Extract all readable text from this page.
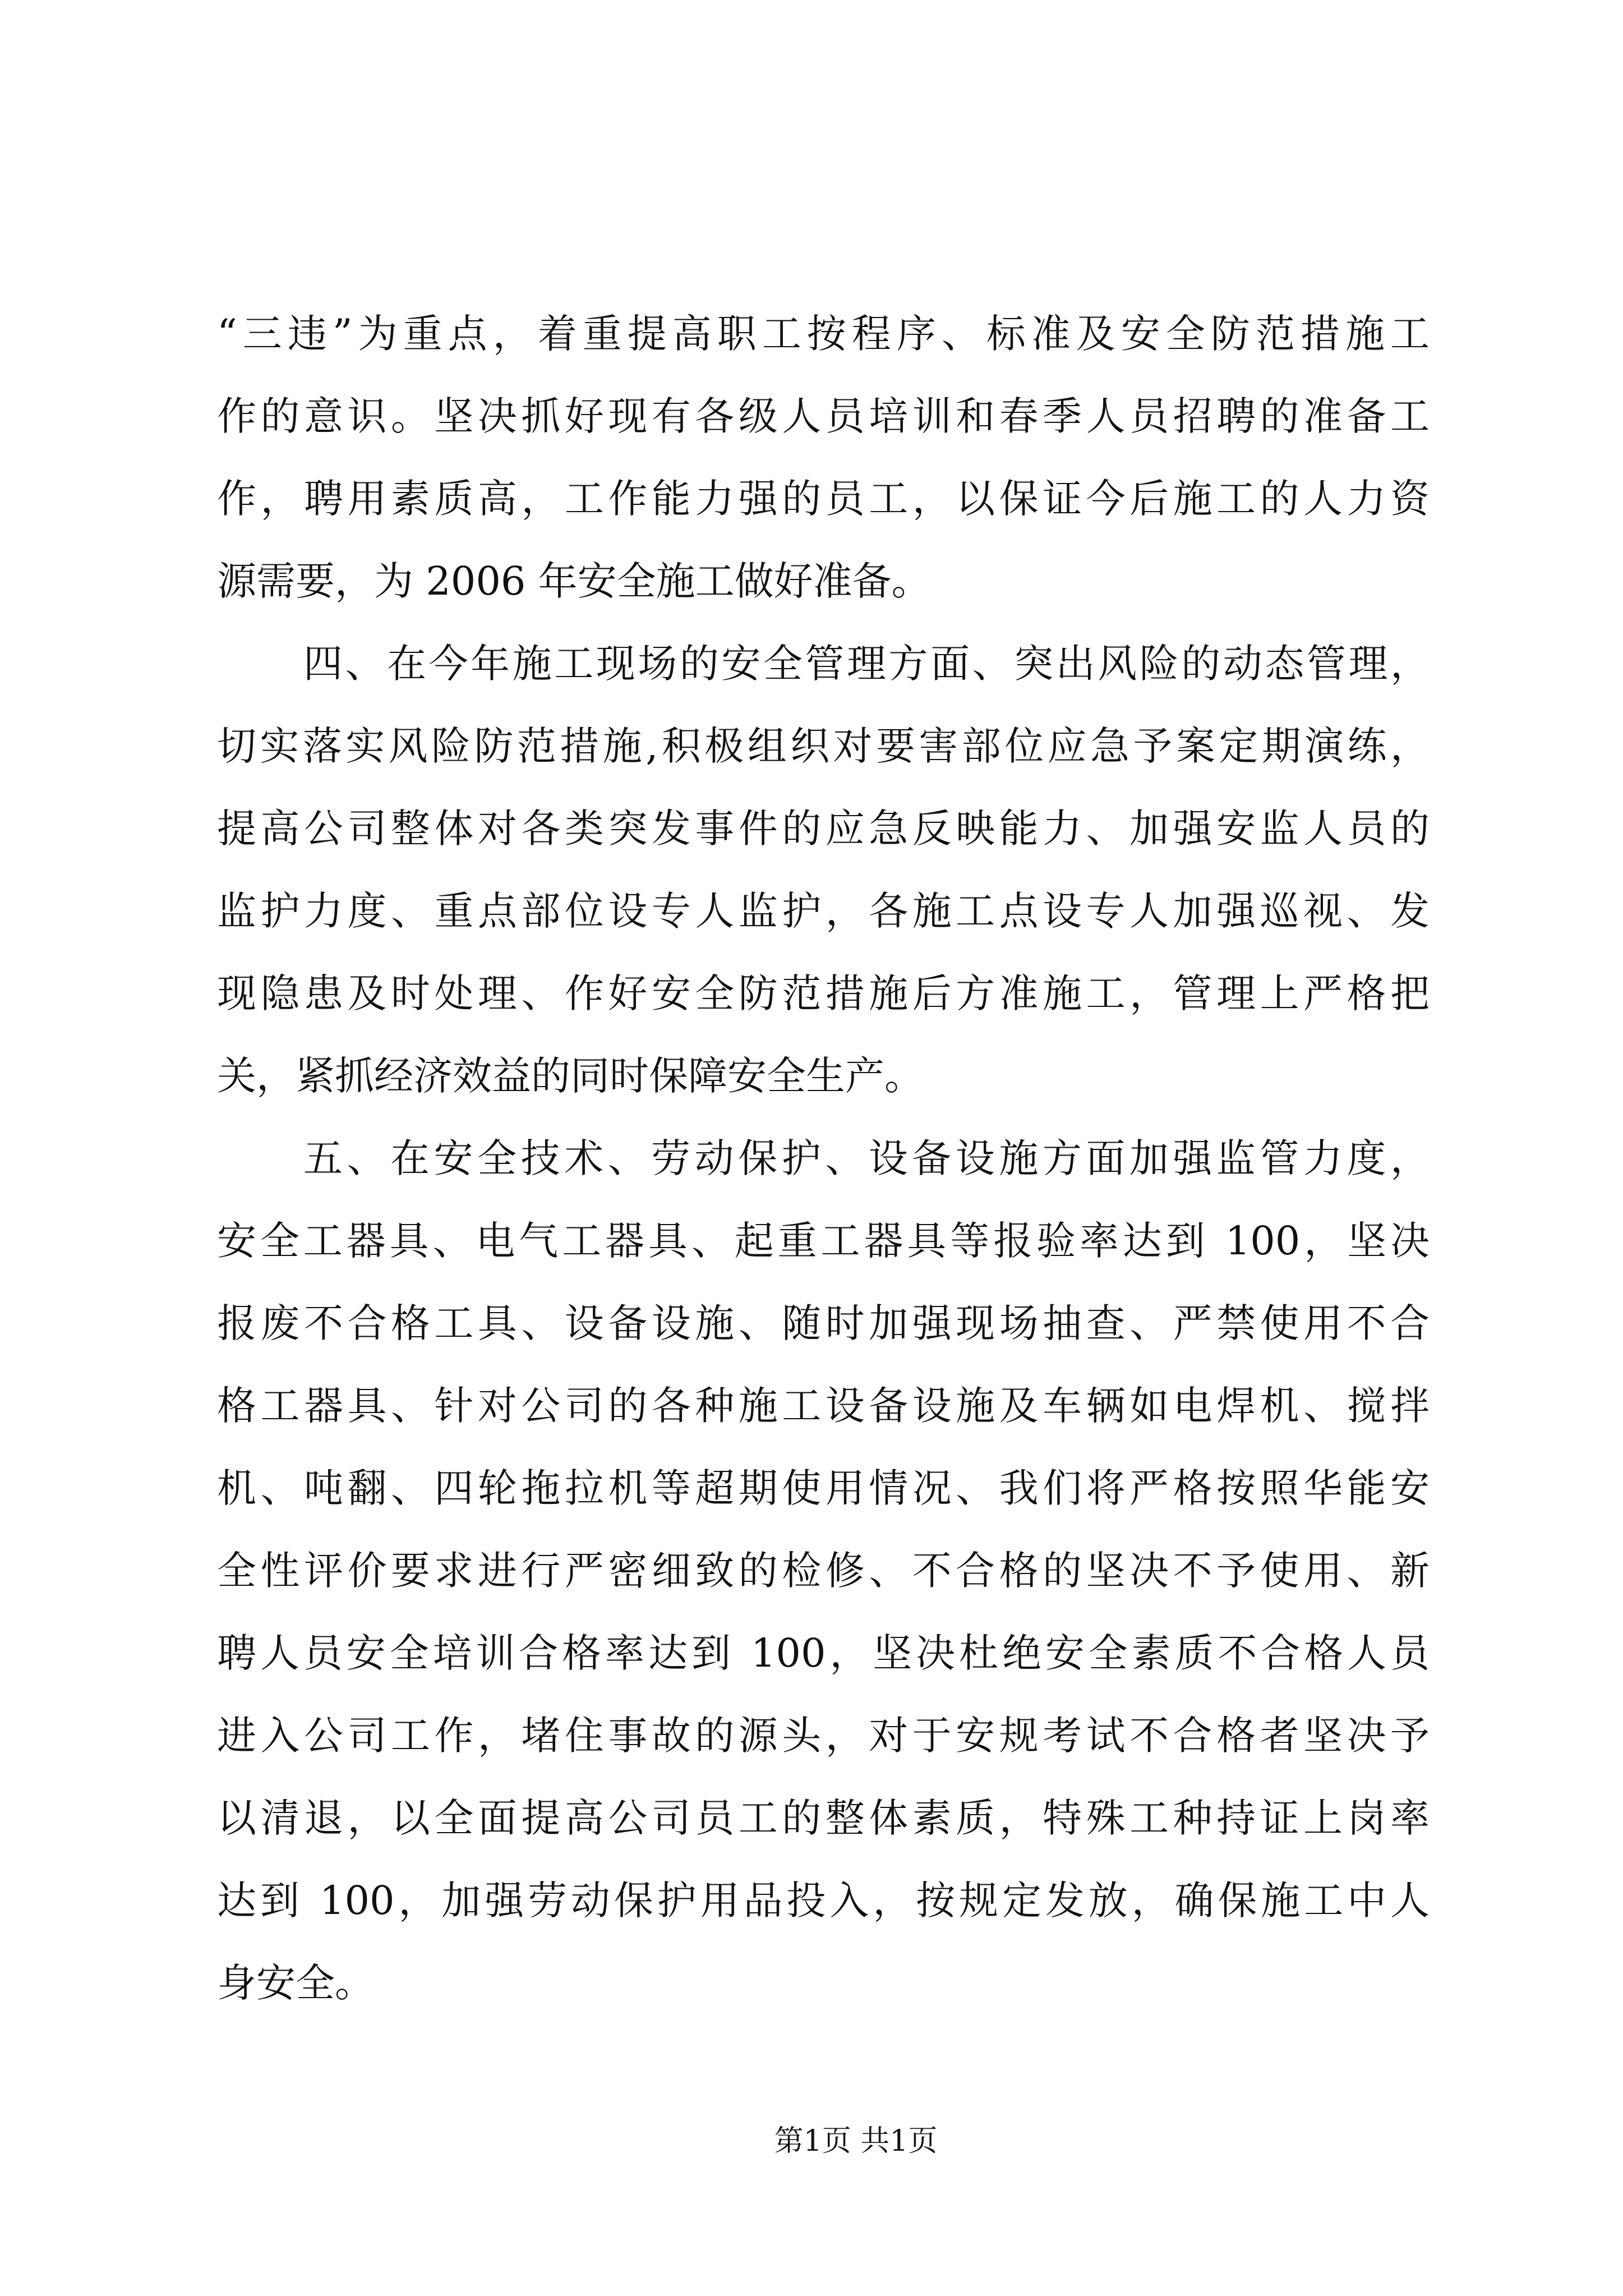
“三违”为重点，着重提高职工按程序、标准及安全防范措施工
作的意识。坚决抓好现有各级人员培训和春季人员招聘的准备工
作，聘用素质高，工作能力强的员工，以保证今后施工的人力资
源需要，为 2006 年安全施工做好准备。
四、在今年施工现场的安全管理方面、突出风险的动态管理，
切实落实风险防范措施,积极组织对要害部位应急予案定期演练，
提高公司整体对各类突发事件的应急反映能力、加强安监人员的
监护力度、重点部位设专人监护，各施工点设专人加强巡视、发
现隐患及时处理、作好安全防范措施后方准施工，管理上严格把
关，紧抓经济效益的同时保障安全生产。
五、在安全技术、劳动保护、设备设施方面加强监管力度，
安全工器具、电气工器具、起重工器具等报验率达到 100，坚决
报废不合格工具、设备设施、随时加强现场抽查、严禁使用不合
格工器具、针对公司的各种施工设备设施及车辆如电焊机、搅拌
机、吨翻、四轮拖拉机等超期使用情况、我们将严格按照华能安
全性评价要求进行严密细致的检修、不合格的坚决不予使用、新
聘人员安全培训合格率达到 100，坚决杜绝安全素质不合格人员
进入公司工作，堵住事故的源头，对于安规考试不合格者坚决予
以清退，以全面提高公司员工的整体素质，特殊工种持证上岗率
达到 100，加强劳动保护用品投入，按规定发放，确保施工中人
身安全。
第1页 共1页
